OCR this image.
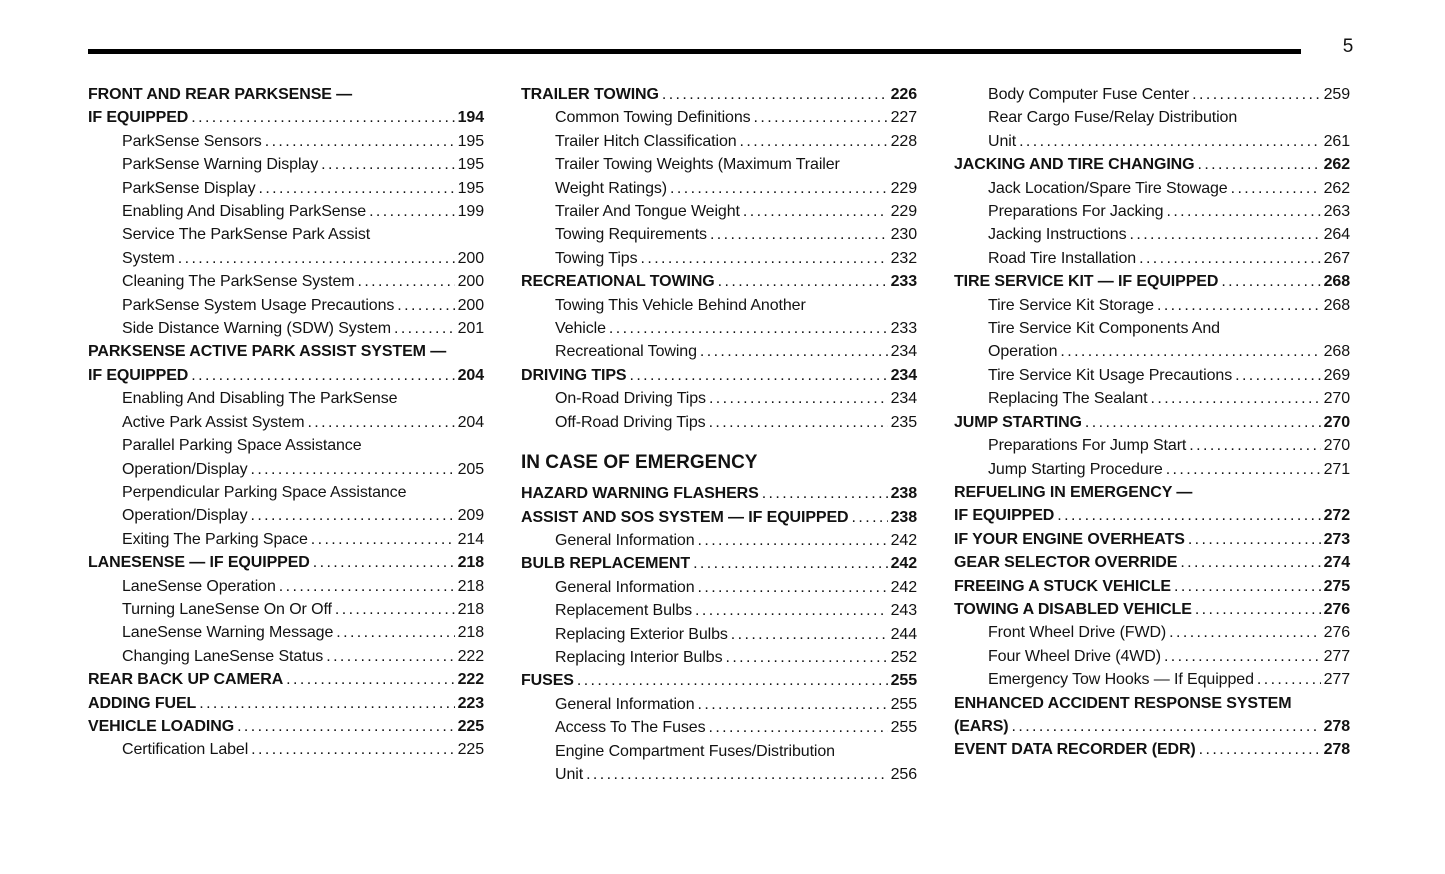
5
FRONT AND REAR PARKSENSE —
IF EQUIPPED .....	194
ParkSense Sensors .....	195
ParkSense Warning Display .....	195
ParkSense Display .....	195
Enabling And Disabling ParkSense .....	199
Service The ParkSense Park Assist
System .....	200
Cleaning The ParkSense System .....	200
ParkSense System Usage Precautions .....	200
Side Distance Warning (SDW) System .....	201
PARKSENSE ACTIVE PARK ASSIST SYSTEM —
IF EQUIPPED .....	204
Enabling And Disabling The ParkSense
Active Park Assist System .....	204
Parallel Parking Space Assistance
Operation/Display .....	205
Perpendicular Parking Space Assistance
Operation/Display .....	209
Exiting The Parking Space .....	214
LANESENSE — IF EQUIPPED .....	218
LaneSense Operation .....	218
Turning LaneSense On Or Off .....	218
LaneSense Warning Message .....	218
Changing LaneSense Status .....	222
REAR BACK UP CAMERA .....	222
ADDING FUEL .....	223
VEHICLE LOADING .....	225
Certification Label .....	225
TRAILER TOWING .....	226
Common Towing Definitions .....	227
Trailer Hitch Classification .....	228
Trailer Towing Weights (Maximum Trailer
Weight Ratings) .....	229
Trailer And Tongue Weight .....	229
Towing Requirements .....	230
Towing Tips .....	232
RECREATIONAL TOWING .....	233
Towing This Vehicle Behind Another
Vehicle .....	233
Recreational Towing .....	234
DRIVING TIPS .....	234
On-Road Driving Tips .....	234
Off-Road Driving Tips .....	235
IN CASE OF EMERGENCY
HAZARD WARNING FLASHERS .....	238
ASSIST AND SOS SYSTEM — IF EQUIPPED .....	238
General Information .....	242
BULB REPLACEMENT .....	242
General Information .....	242
Replacement Bulbs .....	243
Replacing Exterior Bulbs .....	244
Replacing Interior Bulbs .....	252
FUSES .....	255
General Information .....	255
Access To The Fuses .....	255
Engine Compartment Fuses/Distribution
Unit .....	256
Body Computer Fuse Center .....	259
Rear Cargo Fuse/Relay Distribution
Unit .....	261
JACKING AND TIRE CHANGING .....	262
Jack Location/Spare Tire Stowage .....	262
Preparations For Jacking .....	263
Jacking Instructions .....	264
Road Tire Installation .....	267
TIRE SERVICE KIT — IF EQUIPPED .....	268
Tire Service Kit Storage .....	268
Tire Service Kit Components And
Operation .....	268
Tire Service Kit Usage Precautions .....	269
Replacing The Sealant .....	270
JUMP STARTING .....	270
Preparations For Jump Start .....	270
Jump Starting Procedure .....	271
REFUELING IN EMERGENCY —
IF EQUIPPED .....	272
IF YOUR ENGINE OVERHEATS .....	273
GEAR SELECTOR OVERRIDE .....	274
FREEING A STUCK VEHICLE .....	275
TOWING A DISABLED VEHICLE .....	276
Front Wheel Drive (FWD) .....	276
Four Wheel Drive (4WD) .....	277
Emergency Tow Hooks — If Equipped .....	277
ENHANCED ACCIDENT RESPONSE SYSTEM
(EARS) .....	278
EVENT DATA RECORDER (EDR) .....	278
